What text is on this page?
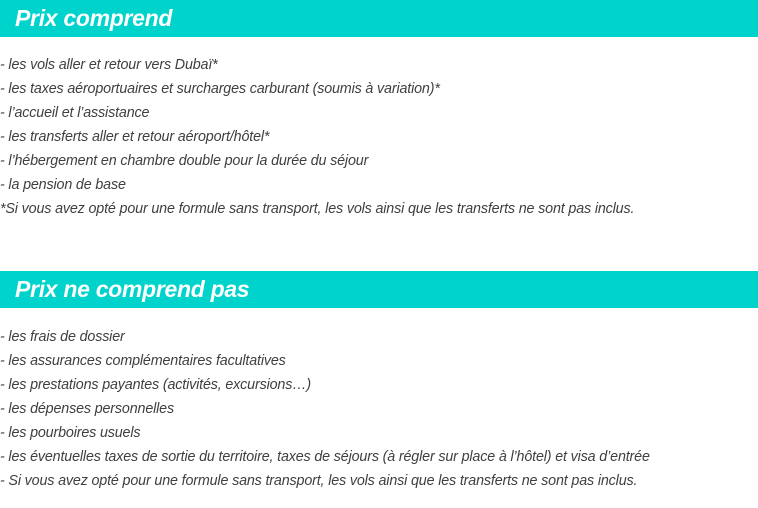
Prix comprend
- les vols aller et retour vers Dubaï*
- les taxes aéroportuaires et surcharges carburant (soumis à variation)*
- l’accueil et l’assistance
- les transferts aller et retour aéroport/hôtel*
- l’hébergement en chambre double pour la durée du séjour
- la pension de base
*Si vous avez opté pour une formule sans transport, les vols ainsi que les transferts ne sont pas inclus.
Prix ne comprend pas
- les frais de dossier
- les assurances complémentaires facultatives
- les prestations payantes (activités, excursions…)
- les dépenses personnelles
- les pourboires usuels
- les éventuelles taxes de sortie du territoire, taxes de séjours (à régler sur place à l’hôtel) et visa d’entrée
- Si vous avez opté pour une formule sans transport, les vols ainsi que les transferts ne sont pas inclus.
